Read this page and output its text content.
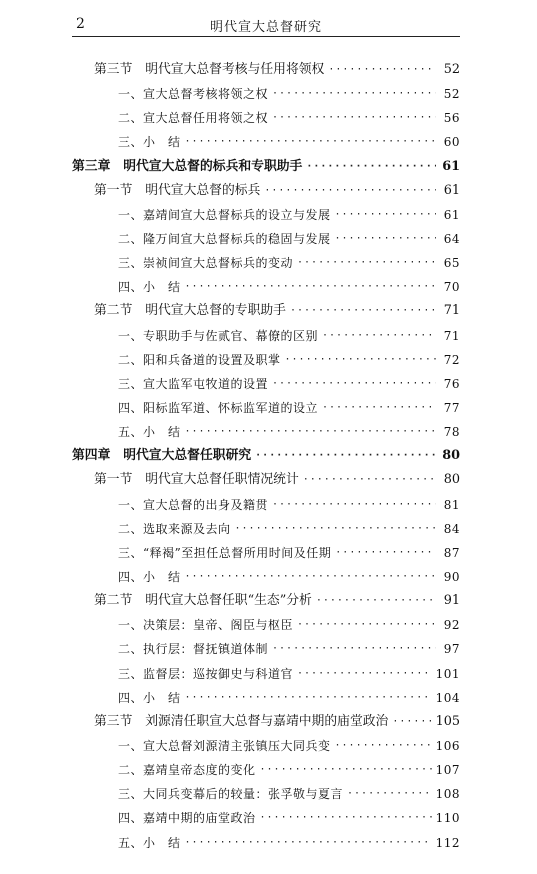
2	明代宣大总督研究
第三节　明代宣大总督考核与任用将领权 ·····	52
一、宣大总督考核将领之权 ·····	52
二、宣大总督任用将领之权 ·····	56
三、小　结 ·····	60
第三章　明代宣大总督的标兵和专职助手 ·····	61
第一节　明代宣大总督的标兵 ·····	61
一、嘉靖间宣大总督标兵的设立与发展 ·····	61
二、隆万间宣大总督标兵的稳固与发展 ·····	64
三、崇祯间宣大总督标兵的变动 ·····	65
四、小　结 ·····	70
第二节　明代宣大总督的专职助手 ·····	71
一、专职助手与佐贰官、幕僚的区别 ·····	71
二、阳和兵备道的设置及职掌 ·····	72
三、宣大监军屯牧道的设置 ·····	76
四、阳标监军道、怀标监军道的设立 ·····	77
五、小　结 ·····	78
第四章　明代宣大总督任职研究 ·····	80
第一节　明代宣大总督任职情况统计 ·····	80
一、宣大总督的出身及籍贯 ·····	81
二、选取来源及去向 ·····	84
三、“释褐”至担任总督所用时间及任期 ·····	87
四、小　结 ·····	90
第二节　明代宣大总督任职“生态”分析 ·····	91
一、决策层：皇帝、阁臣与枢臣 ·····	92
二、执行层：督抚镇道体制 ·····	97
三、监督层：巡按御史与科道官 ·····	101
四、小　结 ·····	104
第三节　刘源清任职宣大总督与嘉靖中期的庙堂政治 ·····	105
一、宣大总督刘源清主张镇压大同兵变 ·····	106
二、嘉靖皇帝态度的变化 ·····	107
三、大同兵变幕后的较量：张孚敬与夏言 ·····	108
四、嘉靖中期的庙堂政治 ·····	110
五、小　结 ·····	112
